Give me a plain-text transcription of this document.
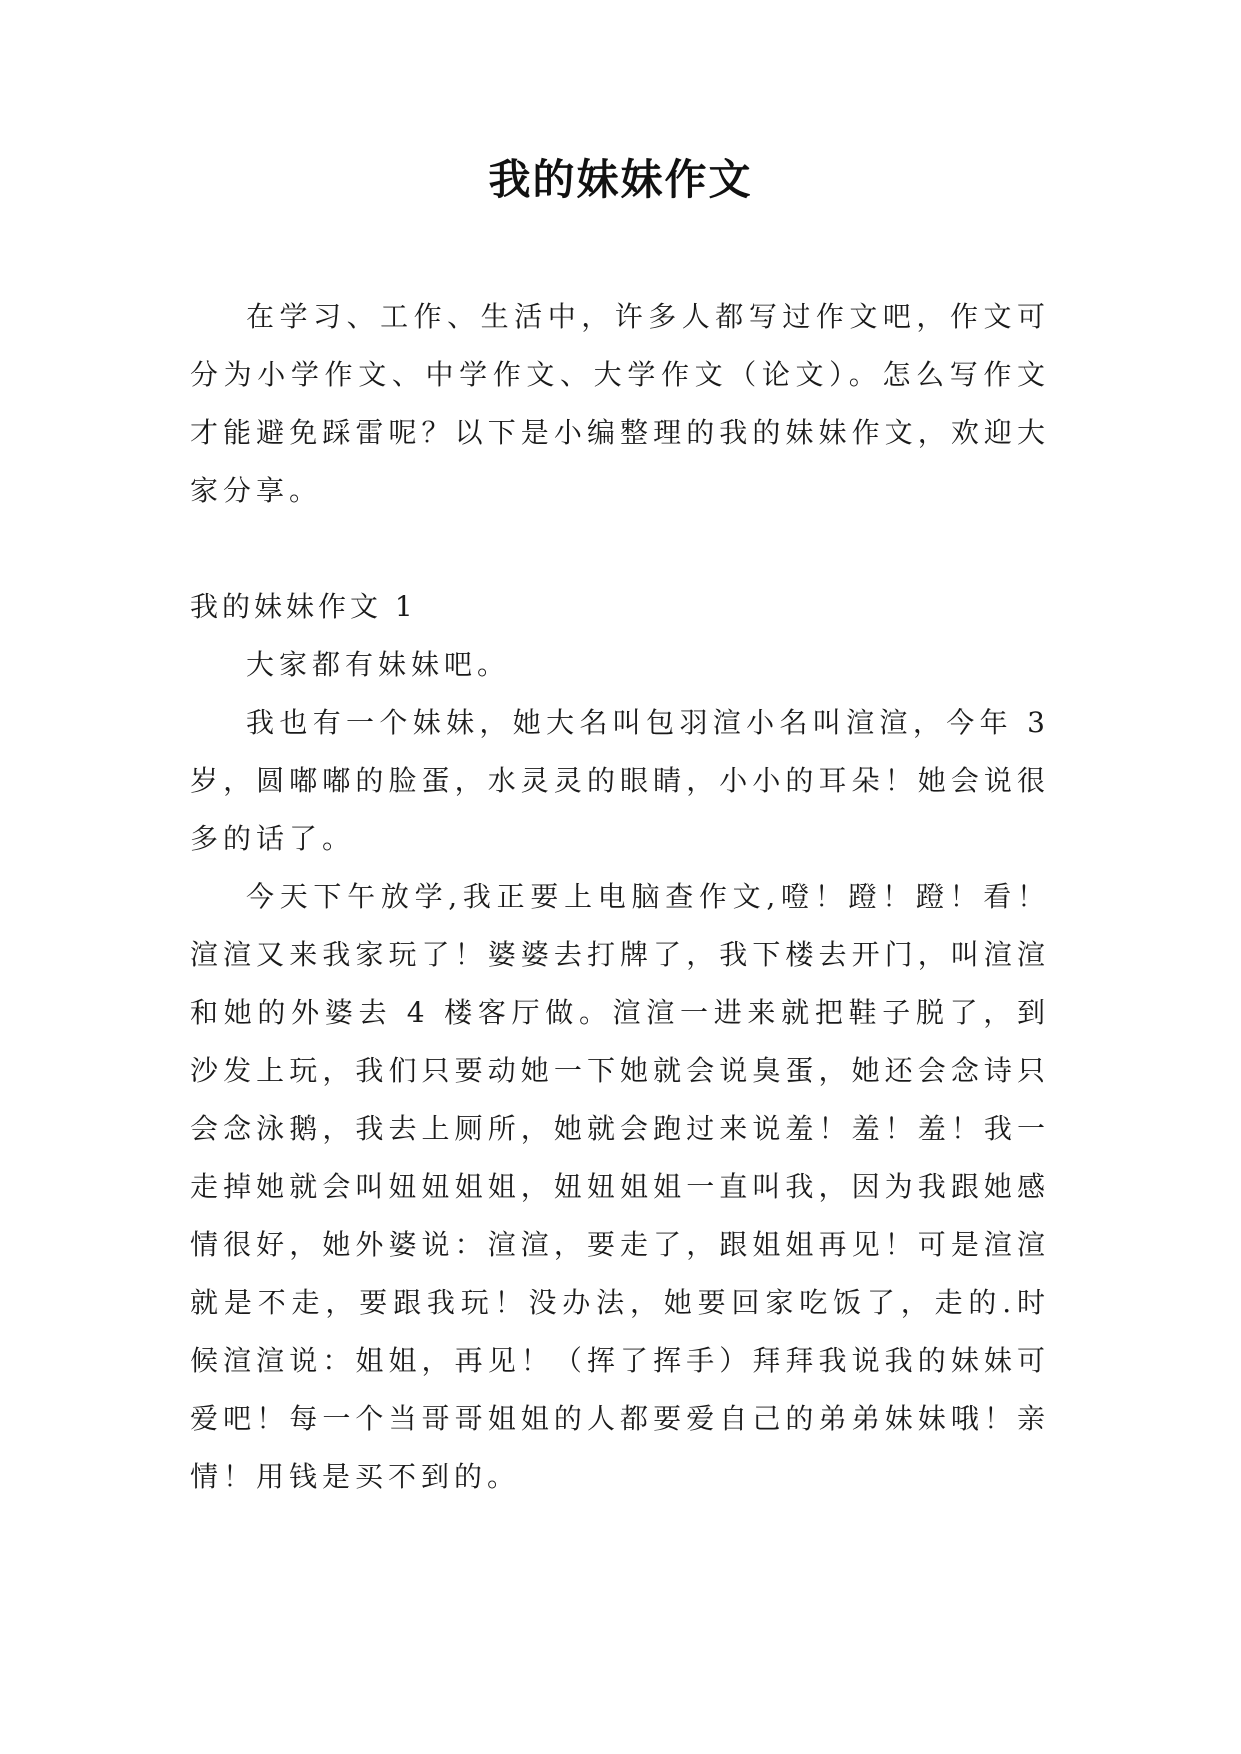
我的妹妹作文

在学习、工作、生活中，许多人都写过作文吧，作文可分为小学作文、中学作文、大学作文（论文）。怎么写作文才能避免踩雷呢？以下是小编整理的我的妹妹作文，欢迎大家分享。

我的妹妹作文 1

大家都有妹妹吧。

我也有一个妹妹，她大名叫包羽渲小名叫渲渲，今年 3 岁，圆嘟嘟的脸蛋，水灵灵的眼睛，小小的耳朵！她会说很多的话了。

今天下午放学,我正要上电脑查作文,噔！蹬！蹬！看！渲渲又来我家玩了！婆婆去打牌了，我下楼去开门，叫渲渲和她的外婆去 4 楼客厅做。渲渲一进来就把鞋子脱了，到沙发上玩，我们只要动她一下她就会说臭蛋，她还会念诗只会念泳鹅，我去上厕所，她就会跑过来说羞！羞！羞！我一走掉她就会叫妞妞姐姐，妞妞姐姐一直叫我，因为我跟她感情很好，她外婆说：渲渲，要走了，跟姐姐再见！可是渲渲就是不走，要跟我玩！没办法，她要回家吃饭了，走的.时候渲渲说：姐姐，再见！（挥了挥手）拜拜我说我的妹妹可爱吧！每一个当哥哥姐姐的人都要爱自己的弟弟妹妹哦！亲情！用钱是买不到的。
